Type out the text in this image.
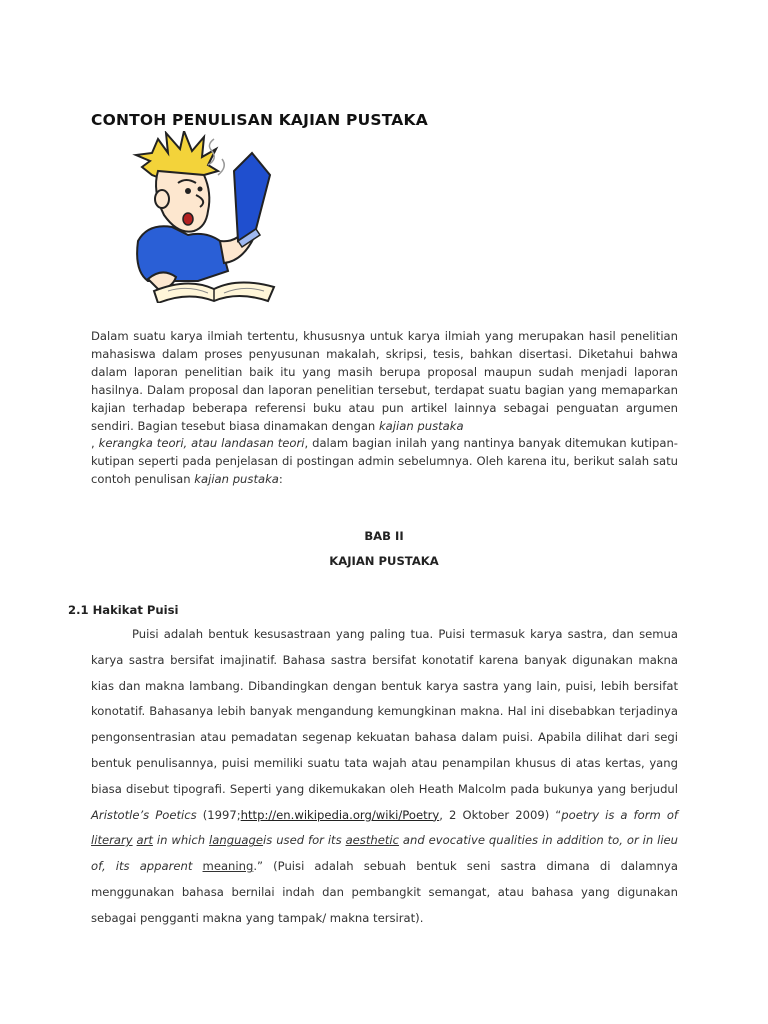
CONTOH PENULISAN KAJIAN PUSTAKA

Dalam suatu karya ilmiah tertentu, khususnya untuk karya ilmiah yang merupakan hasil penelitian mahasiswa dalam proses penyusunan makalah, skripsi, tesis, bahkan disertasi. Diketahui bahwa dalam laporan penelitian baik itu yang masih berupa proposal maupun sudah menjadi laporan hasilnya. Dalam proposal dan laporan penelitian tersebut, terdapat suatu bagian yang memaparkan kajian terhadap beberapa referensi buku atau pun artikel lainnya sebagai penguatan argumen sendiri. Bagian tesebut biasa dinamakan dengan kajian pustaka
, kerangka teori, atau landasan teori, dalam bagian inilah yang nantinya banyak ditemukan kutipan-kutipan seperti pada penjelasan di postingan admin sebelumnya. Oleh karena itu, berikut salah satu contoh penulisan kajian pustaka:

BAB II
KAJIAN PUSTAKA
2.1 Hakikat Puisi

Puisi adalah bentuk kesusastraan yang paling tua. Puisi termasuk karya sastra, dan semua karya sastra bersifat imajinatif. Bahasa sastra bersifat konotatif karena banyak digunakan makna kias dan makna lambang. Dibandingkan dengan bentuk karya sastra yang lain, puisi, lebih bersifat konotatif. Bahasanya lebih banyak mengandung kemungkinan makna. Hal ini disebabkan terjadinya pengonsentrasian atau pemadatan segenap kekuatan bahasa dalam puisi. Apabila dilihat dari segi bentuk penulisannya, puisi memiliki suatu tata wajah atau penampilan khusus di atas kertas, yang biasa disebut tipografi. Seperti yang dikemukakan oleh Heath Malcolm pada bukunya yang berjudul Aristotle’s Poetics (1997;http://en.wikipedia.org/wiki/Poetry, 2 Oktober 2009) “poetry is a form of literary art in which languageis used for its aesthetic and evocative qualities in addition to, or in lieu of, its apparent meaning.” (Puisi adalah sebuah bentuk seni sastra dimana di dalamnya menggunakan bahasa bernilai indah dan pembangkit semangat, atau bahasa yang digunakan sebagai pengganti makna yang tampak/ makna tersirat).
